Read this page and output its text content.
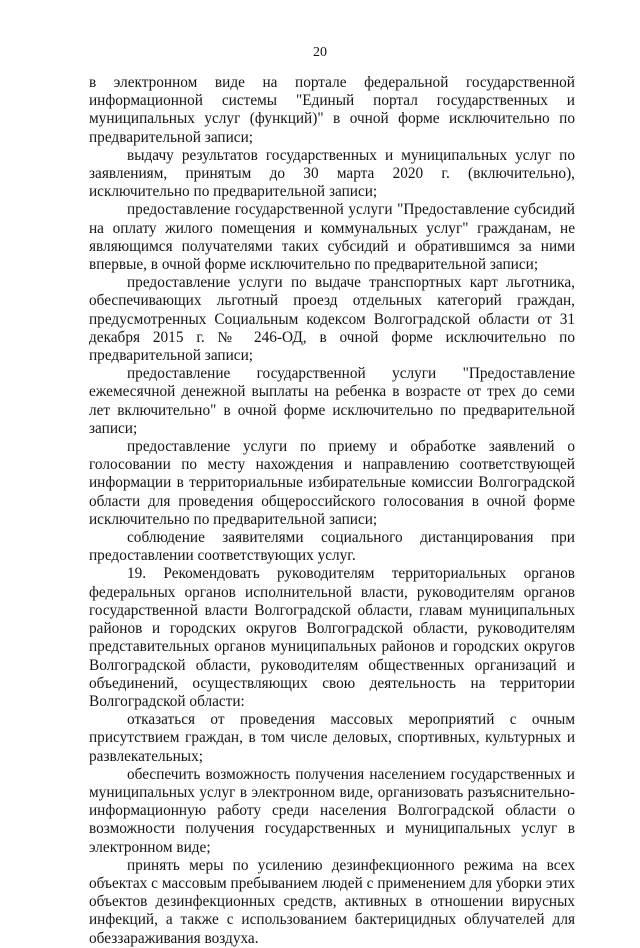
20

в электронном виде на портале федеральной государственной информационной системы "Единый портал государственных и муниципальных услуг (функций)" в очной форме исключительно по предварительной записи;

выдачу результатов государственных и муниципальных услуг по заявлениям, принятым до 30 марта 2020 г. (включительно), исключительно по предварительной записи;

предоставление государственной услуги "Предоставление субсидий на оплату жилого помещения и коммунальных услуг" гражданам, не являющимся получателями таких субсидий и обратившимся за ними впервые, в очной форме исключительно по предварительной записи;

предоставление услуги по выдаче транспортных карт льготника, обеспечивающих льготный проезд отдельных категорий граждан, предусмотренных Социальным кодексом Волгоградской области от 31 декабря 2015 г. № 246-ОД, в очной форме исключительно по предварительной записи;

предоставление государственной услуги "Предоставление ежемесячной денежной выплаты на ребенка в возрасте от трех до семи лет включительно" в очной форме исключительно по предварительной записи;

предоставление услуги по приему и обработке заявлений о голосовании по месту нахождения и направлению соответствующей информации в территориальные избирательные комиссии Волгоградской области для проведения общероссийского голосования в очной форме исключительно по предварительной записи;

соблюдение заявителями социального дистанцирования при предоставлении соответствующих услуг.

19. Рекомендовать руководителям территориальных органов федеральных органов исполнительной власти, руководителям органов государственной власти Волгоградской области, главам муниципальных районов и городских округов Волгоградской области, руководителям представительных органов муниципальных районов и городских округов Волгоградской области, руководителям общественных организаций и объединений, осуществляющих свою деятельность на территории Волгоградской области:

отказаться от проведения массовых мероприятий с очным присутствием граждан, в том числе деловых, спортивных, культурных и развлекательных;

обеспечить возможность получения населением государственных и муниципальных услуг в электронном виде, организовать разъяснительно-информационную работу среди населения Волгоградской области о возможности получения государственных и муниципальных услуг в электронном виде;

принять меры по усилению дезинфекционного режима на всех объектах с массовым пребыванием людей с применением для уборки этих объектов дезинфекционных средств, активных в отношении вирусных инфекций, а также с использованием бактерицидных облучателей для обеззараживания воздуха.
